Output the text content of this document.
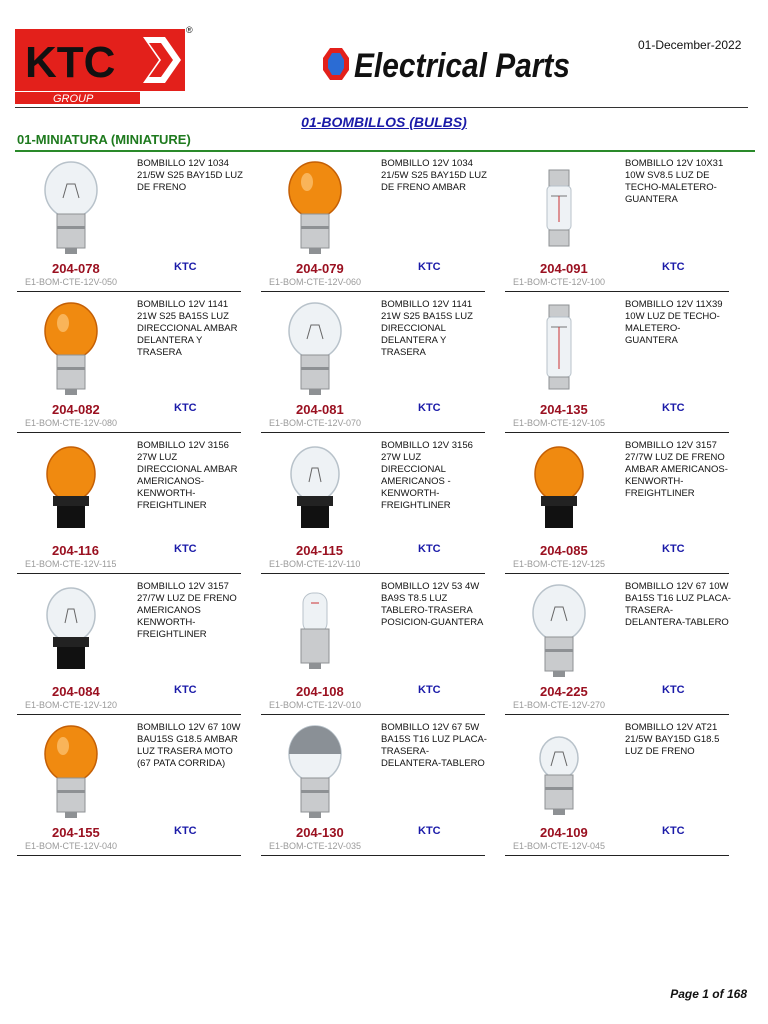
KTC
GROUP
®
Electrical Parts
01-December-2022
01-BOMBILLOS (BULBS)
01-MINIATURA (MINIATURE)
BOMBILLO 12V 1034 21/5W S25 BAY15D LUZ DE FRENO
204-078	KTC
E1-BOM-CTE-12V-050
BOMBILLO 12V 1034 21/5W S25 BAY15D LUZ DE FRENO AMBAR
204-079	KTC
E1-BOM-CTE-12V-060
BOMBILLO 12V 10X31 10W SV8.5 LUZ DE TECHO-MALETERO-GUANTERA
204-091	KTC
E1-BOM-CTE-12V-100
BOMBILLO 12V 1141 21W S25 BA15S LUZ DIRECCIONAL AMBAR DELANTERA Y TRASERA
204-082	KTC
E1-BOM-CTE-12V-080
BOMBILLO 12V 1141 21W S25 BA15S LUZ DIRECCIONAL DELANTERA Y TRASERA
204-081	KTC
E1-BOM-CTE-12V-070
BOMBILLO 12V 11X39 10W LUZ DE TECHO-MALETERO-GUANTERA
204-135	KTC
E1-BOM-CTE-12V-105
BOMBILLO 12V 3156 27W LUZ DIRECCIONAL AMBAR AMERICANOS-KENWORTH-FREIGHTLINER
204-116	KTC
E1-BOM-CTE-12V-115
BOMBILLO 12V 3156 27W LUZ DIRECCIONAL AMERICANOS - KENWORTH-FREIGHTLINER
204-115	KTC
E1-BOM-CTE-12V-110
BOMBILLO 12V 3157 27/7W LUZ DE FRENO AMBAR AMERICANOS-KENWORTH-FREIGHTLINER
204-085	KTC
E1-BOM-CTE-12V-125
BOMBILLO 12V 3157 27/7W LUZ DE FRENO AMERICANOS KENWORTH-FREIGHTLINER
204-084	KTC
E1-BOM-CTE-12V-120
BOMBILLO 12V 53 4W BA9S T8.5 LUZ TABLERO-TRASERA POSICION-GUANTERA
204-108	KTC
E1-BOM-CTE-12V-010
BOMBILLO 12V 67 10W BA15S T16 LUZ PLACA-TRASERA-DELANTERA-TABLERO
204-225	KTC
E1-BOM-CTE-12V-270
BOMBILLO 12V 67 10W BAU15S G18.5 AMBAR LUZ TRASERA MOTO (67 PATA CORRIDA)
204-155	KTC
E1-BOM-CTE-12V-040
BOMBILLO 12V 67 5W BA15S T16 LUZ PLACA-TRASERA-DELANTERA-TABLERO
204-130	KTC
E1-BOM-CTE-12V-035
BOMBILLO 12V AT21 21/5W BAY15D G18.5 LUZ DE FRENO
204-109	KTC
E1-BOM-CTE-12V-045
Page 1 of 168
